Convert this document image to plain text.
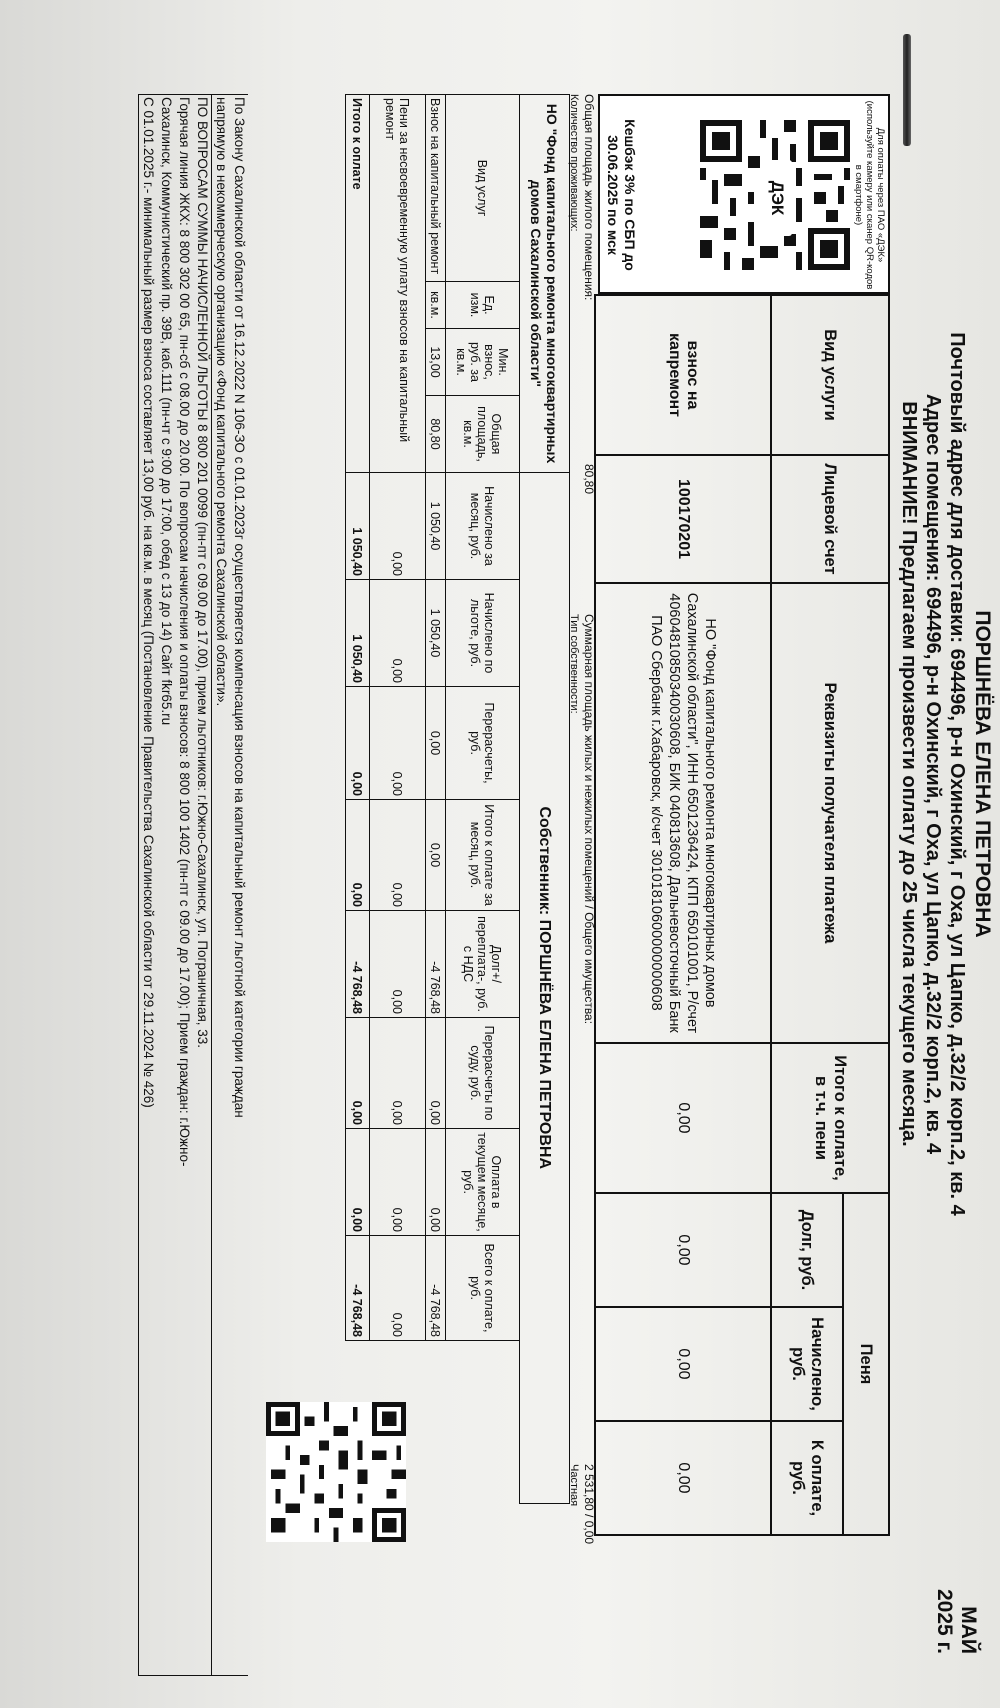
ПОРШНЁВА ЕЛЕНА ПЕТРОВНА
Почтовый адрес для доставки: 694496, р-н Охинский, г Оха, ул Цапко, д.32/2 корп.2, кв. 4
Адрес помещения: 694496, р-н Охинский, г Оха, ул Цапко, д.32/2 корп.2, кв. 4
ВНИМАНИЕ! Предлагаем произвести оплату до 25 числа текущего месяца.
МАЙ
2025 г.
Для оплаты через ПАО «ДЭК» (используйте камеру или сканер QR-кодов в смартфоне)
ДЭК
Кешбэк 3% по СБП до 30.06.2025 по мск
Вид услуги	Лицевой счет	Реквизиты получателя платежа	Итого к оплате, в т.ч. пени	Пеня		
				Долг, руб.	Начислено, руб.	К оплате, руб.
взнос на капремонт	100170201	НО "Фонд капитального ремонта многоквартирных домов Сахалинской области", ИНН 6501236424, КПП 650101001, Р/счет 40604810850340030608, БИК 040813608, Дальневосточный Банк ПАО Сбербанк г.Хабаровск, к/счет 30101810600000000608	0,00	0,00	0,00	0,00
Общая площадь жилого помещения:
80,80
Суммарная площадь жилых и нежилых помещений / Общего имущества:
2 531,80 / 0,00
Количество проживающих:
Тип собственности:
Частная
НО "Фонд капитального ремонта многоквартирных домов Сахалинской области"				Собственник: ПОРШНЁВА ЕЛЕНА ПЕТРОВНА								
Вид услуг	Ед. изм.	Мин. взнос, руб. за кв.м.	Общая площадь, кв.м.	Начислено за месяц, руб.	Начислено по льготе, руб.	Перерасчеты, руб.	Итого к оплате за месяц, руб.	Долг+/переплата-, руб. с НДС	Перерасчеты по суду, руб.	Оплата в текущем месяце, руб.	Всего к оплате, руб.	
Взнос на капитальный ремонт	кв.м.	13,00	80,80	1 050,40	1 050,40	0,00	0,00	-4 768,48	0,00	0,00	-4 768,48	
Пени за несвоевременную уплату взносов на капитальный ремонт				0,00	0,00	0,00	0,00	0,00	0,00	0,00	0,00	
Итого к оплате				1 050,40	1 050,40	0,00	0,00	-4 768,48	0,00	0,00	-4 768,48	
По Закону Сахалинской области от 16.12.2022 N 106-ЗО с 01.01.2023г осуществляется компенсация взносов на капитальный ремонт льготной категории граждан
напрямую в некоммерческую организацию «Фонд капитального ремонта Сахалинской области».
ПО ВОПРОСАМ СУММЫ НАЧИСЛЕННОЙ ЛЬГОТЫ 8 800 201 0099 (пн-пт с 09.00 до 17.00), прием льготников: г.Южно-Сахалинск, ул. Пограничная, 33.
Горячая линия ЖКХ: 8 800 302 00 65, пн-сб с 08.00 до 20.00. По вопросам начисления и оплаты взносов: 8 800 100 1402 (пн-пт с 09.00 до 17.00); Прием граждан: г.Южно-
Сахалинск, Коммунистический пр. 39В, каб.111 (пн-чт с 9:00 до 17:00, обед с 13 до 14) Сайт fkr65.ru
С 01.01.2025 г.- минимальный размер взноса составляет 13,00 руб. на кв.м. в месяц (Постановление Правительства Сахалинской области от 29.11.2024 № 426)
